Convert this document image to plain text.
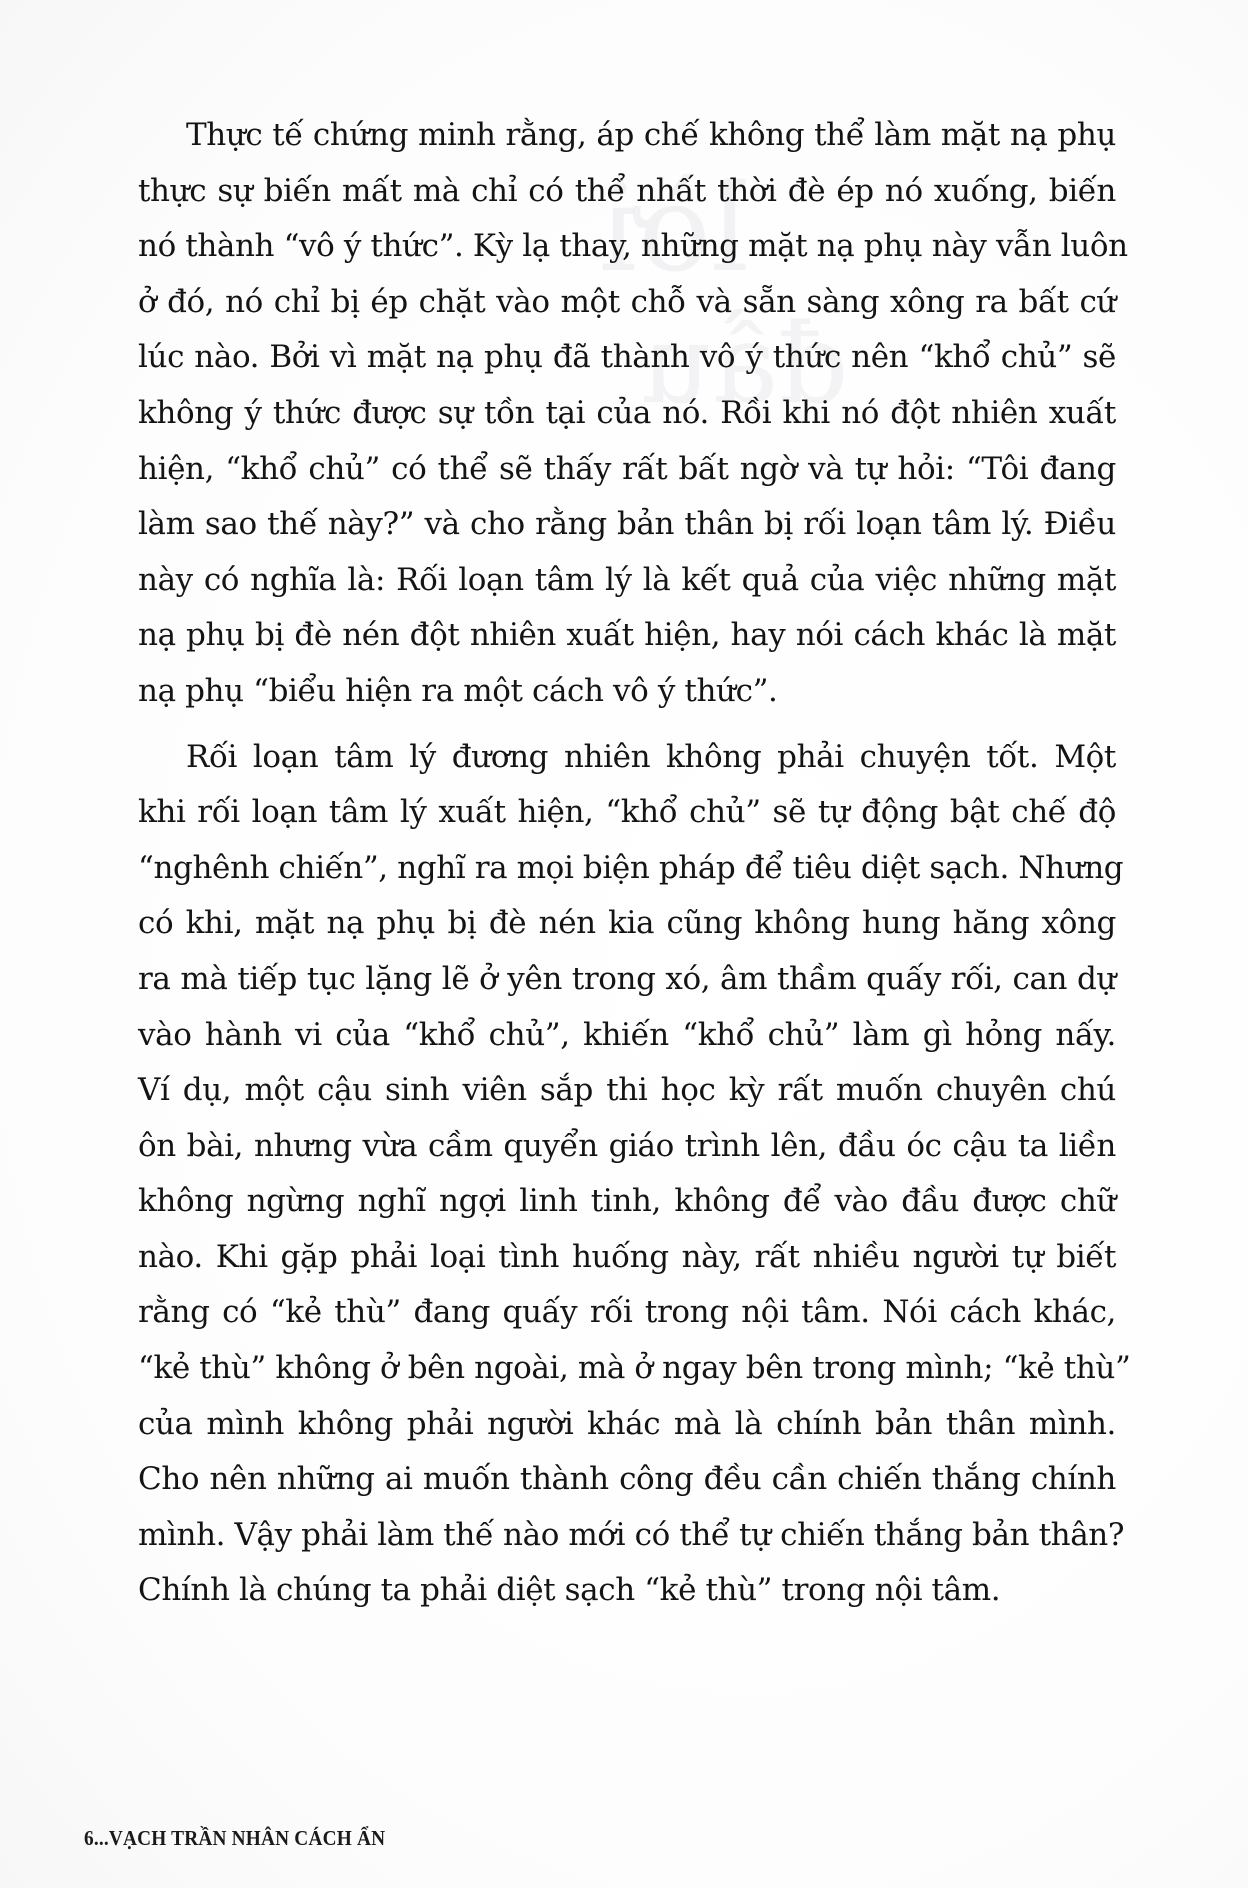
lời
đầu
Thực tế chứng minh rằng, áp chế không thể làm mặt nạ phụ
thực sự biến mất mà chỉ có thể nhất thời đè ép nó xuống, biến
nó thành “vô ý thức”. Kỳ lạ thay, những mặt nạ phụ này vẫn luôn
ở đó, nó chỉ bị ép chặt vào một chỗ và sẵn sàng xông ra bất cứ
lúc nào. Bởi vì mặt nạ phụ đã thành vô ý thức nên “khổ chủ” sẽ
không ý thức được sự tồn tại của nó. Rồi khi nó đột nhiên xuất
hiện, “khổ chủ” có thể sẽ thấy rất bất ngờ và tự hỏi: “Tôi đang
làm sao thế này?” và cho rằng bản thân bị rối loạn tâm lý. Điều
này có nghĩa là: Rối loạn tâm lý là kết quả của việc những mặt
nạ phụ bị đè nén đột nhiên xuất hiện, hay nói cách khác là mặt
nạ phụ “biểu hiện ra một cách vô ý thức”.
Rối loạn tâm lý đương nhiên không phải chuyện tốt. Một
khi rối loạn tâm lý xuất hiện, “khổ chủ” sẽ tự động bật chế độ
“nghênh chiến”, nghĩ ra mọi biện pháp để tiêu diệt sạch. Nhưng
có khi, mặt nạ phụ bị đè nén kia cũng không hung hăng xông
ra mà tiếp tục lặng lẽ ở yên trong xó, âm thầm quấy rối, can dự
vào hành vi của “khổ chủ”, khiến “khổ chủ” làm gì hỏng nấy.
Ví dụ, một cậu sinh viên sắp thi học kỳ rất muốn chuyên chú
ôn bài, nhưng vừa cầm quyển giáo trình lên, đầu óc cậu ta liền
không ngừng nghĩ ngợi linh tinh, không để vào đầu được chữ
nào. Khi gặp phải loại tình huống này, rất nhiều người tự biết
rằng có “kẻ thù” đang quấy rối trong nội tâm. Nói cách khác,
“kẻ thù” không ở bên ngoài, mà ở ngay bên trong mình; “kẻ thù”
của mình không phải người khác mà là chính bản thân mình.
Cho nên những ai muốn thành công đều cần chiến thắng chính
mình. Vậy phải làm thế nào mới có thể tự chiến thắng bản thân?
Chính là chúng ta phải diệt sạch “kẻ thù” trong nội tâm.
6...VẠCH TRẦN NHÂN CÁCH ẨN
